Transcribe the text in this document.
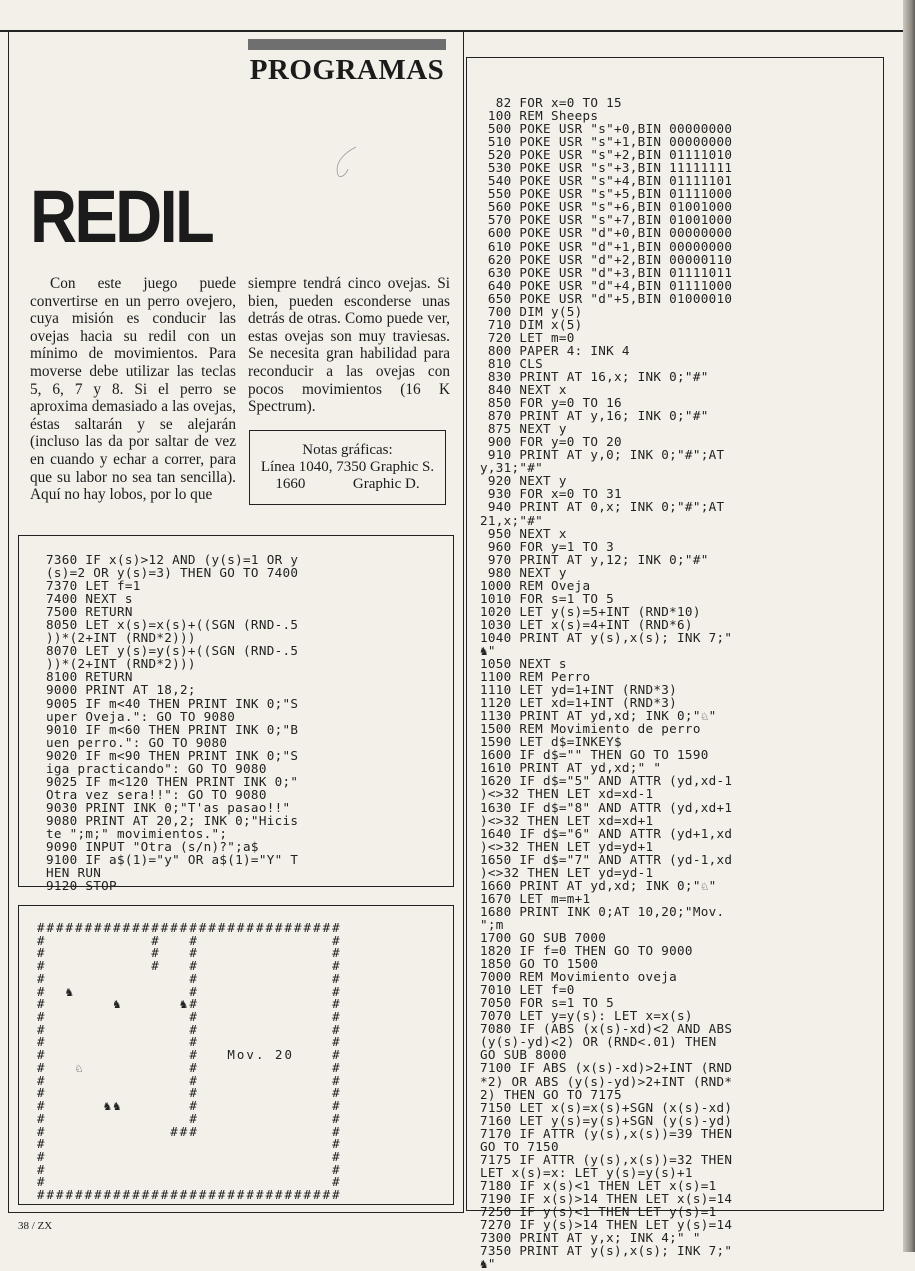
PROGRAMAS
REDIL

Con este juego puede convertirse en un perro ovejero, cuya misión es conducir las ovejas hacia su redil con un mínimo de movimientos. Para moverse debe utilizar las teclas 5, 6, 7 y 8. Si el perro se aproxima demasiado a las ovejas, éstas saltarán y se alejarán (incluso las da por saltar de vez en cuando y echar a correr, para que su labor no sea tan sencilla). Aquí no hay lobos, por lo que

siempre tendrá cinco ovejas. Si bien, pueden esconderse unas detrás de otras. Como puede ver, estas ovejas son muy traviesas. Se necesita gran habilidad para reconducir a las ovejas con pocos movimientos (16 K Spectrum).

Notas gráficas:
Línea 1040, 7350 Graphic S.
1660	Graphic D.
7360 IF x(s)>12 AND (y(s)=1 OR y
(s)=2 OR y(s)=3) THEN GO TO 7400
7370 LET f=1
7400 NEXT s
7500 RETURN
8050 LET x(s)=x(s)+((SGN (RND-.5
))*(2+INT (RND*2)))
8070 LET y(s)=y(s)+((SGN (RND-.5
))*(2+INT (RND*2)))
8100 RETURN
9000 PRINT AT 18,2;
9005 IF m<40 THEN PRINT INK 0;"S
uper Oveja.": GO TO 9080
9010 IF m<60 THEN PRINT INK 0;"B
uen perro.": GO TO 9080
9020 IF m<90 THEN PRINT INK 0;"S
iga practicando": GO TO 9080
9025 IF m<120 THEN PRINT INK 0;"
Otra vez sera!!": GO TO 9080
9030 PRINT INK 0;"T'as pasao!!"
9080 PRINT AT 20,2; INK 0;"Hicis
te ";m;" movimientos.";
9090 INPUT "Otra (s/n)?";a$
9100 IF a$(1)="y" OR a$(1)="Y" T
HEN RUN
9120 STOP
################################
#           #   #              #
#           #   #              #
#           #   #              #
#               #              #
#  ♞            #              #
#       ♞      ♞#              #
#               #              #
#               #              #
#               #              #
#               #   Mov. 20    #
#   ♘           #              #
#               #              #
#               #              #
#      ♞♞       #              #
#               #              #
#             ###              #
#                              #
#                              #
#                              #
#                              #
################################
82 FOR x=0 TO 15
100 REM Sheeps
500 POKE USR "s"+0,BIN 00000000
510 POKE USR "s"+1,BIN 00000000
520 POKE USR "s"+2,BIN 01111010
530 POKE USR "s"+3,BIN 11111111
540 POKE USR "s"+4,BIN 01111101
550 POKE USR "s"+5,BIN 01111000
560 POKE USR "s"+6,BIN 01001000
570 POKE USR "s"+7,BIN 01001000
600 POKE USR "d"+0,BIN 00000000
610 POKE USR "d"+1,BIN 00000000
620 POKE USR "d"+2,BIN 00000110
630 POKE USR "d"+3,BIN 01111011
640 POKE USR "d"+4,BIN 01111000
650 POKE USR "d"+5,BIN 01000010
700 DIM y(5)
710 DIM x(5)
720 LET m=0
800 PAPER 4: INK 4
810 CLS
830 PRINT AT 16,x; INK 0;"#"
840 NEXT x
850 FOR y=0 TO 16
870 PRINT AT y,16; INK 0;"#"
875 NEXT y
900 FOR y=0 TO 20
910 PRINT AT y,0; INK 0;"#";AT
y,31;"#"
920 NEXT y
930 FOR x=0 TO 31
940 PRINT AT 0,x; INK 0;"#";AT
21,x;"#"
950 NEXT x
960 FOR y=1 TO 3
970 PRINT AT y,12; INK 0;"#"
980 NEXT y
1000 REM Oveja
1010 FOR s=1 TO 5
1020 LET y(s)=5+INT (RND*10)
1030 LET x(s)=4+INT (RND*6)
1040 PRINT AT y(s),x(s); INK 7;"
♞"
1050 NEXT s
1100 REM Perro
1110 LET yd=1+INT (RND*3)
1120 LET xd=1+INT (RND*3)
1130 PRINT AT yd,xd; INK 0;"♘"
1500 REM Movimiento de perro
1590 LET d$=INKEY$
1600 IF d$="" THEN GO TO 1590
1610 PRINT AT yd,xd;" "
1620 IF d$="5" AND ATTR (yd,xd-1
)<>32 THEN LET xd=xd-1
1630 IF d$="8" AND ATTR (yd,xd+1
)<>32 THEN LET xd=xd+1
1640 IF d$="6" AND ATTR (yd+1,xd
)<>32 THEN LET yd=yd+1
1650 IF d$="7" AND ATTR (yd-1,xd
)<>32 THEN LET yd=yd-1
1660 PRINT AT yd,xd; INK 0;"♘"
1670 LET m=m+1
1680 PRINT INK 0;AT 10,20;"Mov.
";m
1700 GO SUB 7000
1820 IF f=0 THEN GO TO 9000
1850 GO TO 1500
7000 REM Movimiento oveja
7010 LET f=0
7050 FOR s=1 TO 5
7070 LET y=y(s): LET x=x(s)
7080 IF (ABS (x(s)-xd)<2 AND ABS
(y(s)-yd)<2) OR (RND<.01) THEN
GO SUB 8000
7100 IF ABS (x(s)-xd)>2+INT (RND
*2) OR ABS (y(s)-yd)>2+INT (RND*
2) THEN GO TO 7175
7150 LET x(s)=x(s)+SGN (x(s)-xd)
7160 LET y(s)=y(s)+SGN (y(s)-yd)
7170 IF ATTR (y(s),x(s))=39 THEN
GO TO 7150
7175 IF ATTR (y(s),x(s))=32 THEN
LET x(s)=x: LET y(s)=y(s)+1
7180 IF x(s)<1 THEN LET x(s)=1
7190 IF x(s)>14 THEN LET x(s)=14
7250 IF y(s)<1 THEN LET y(s)=1
7270 IF y(s)>14 THEN LET y(s)=14
7300 PRINT AT y,x; INK 4;" "
7350 PRINT AT y(s),x(s); INK 7;"
♞"
38 / ZX
